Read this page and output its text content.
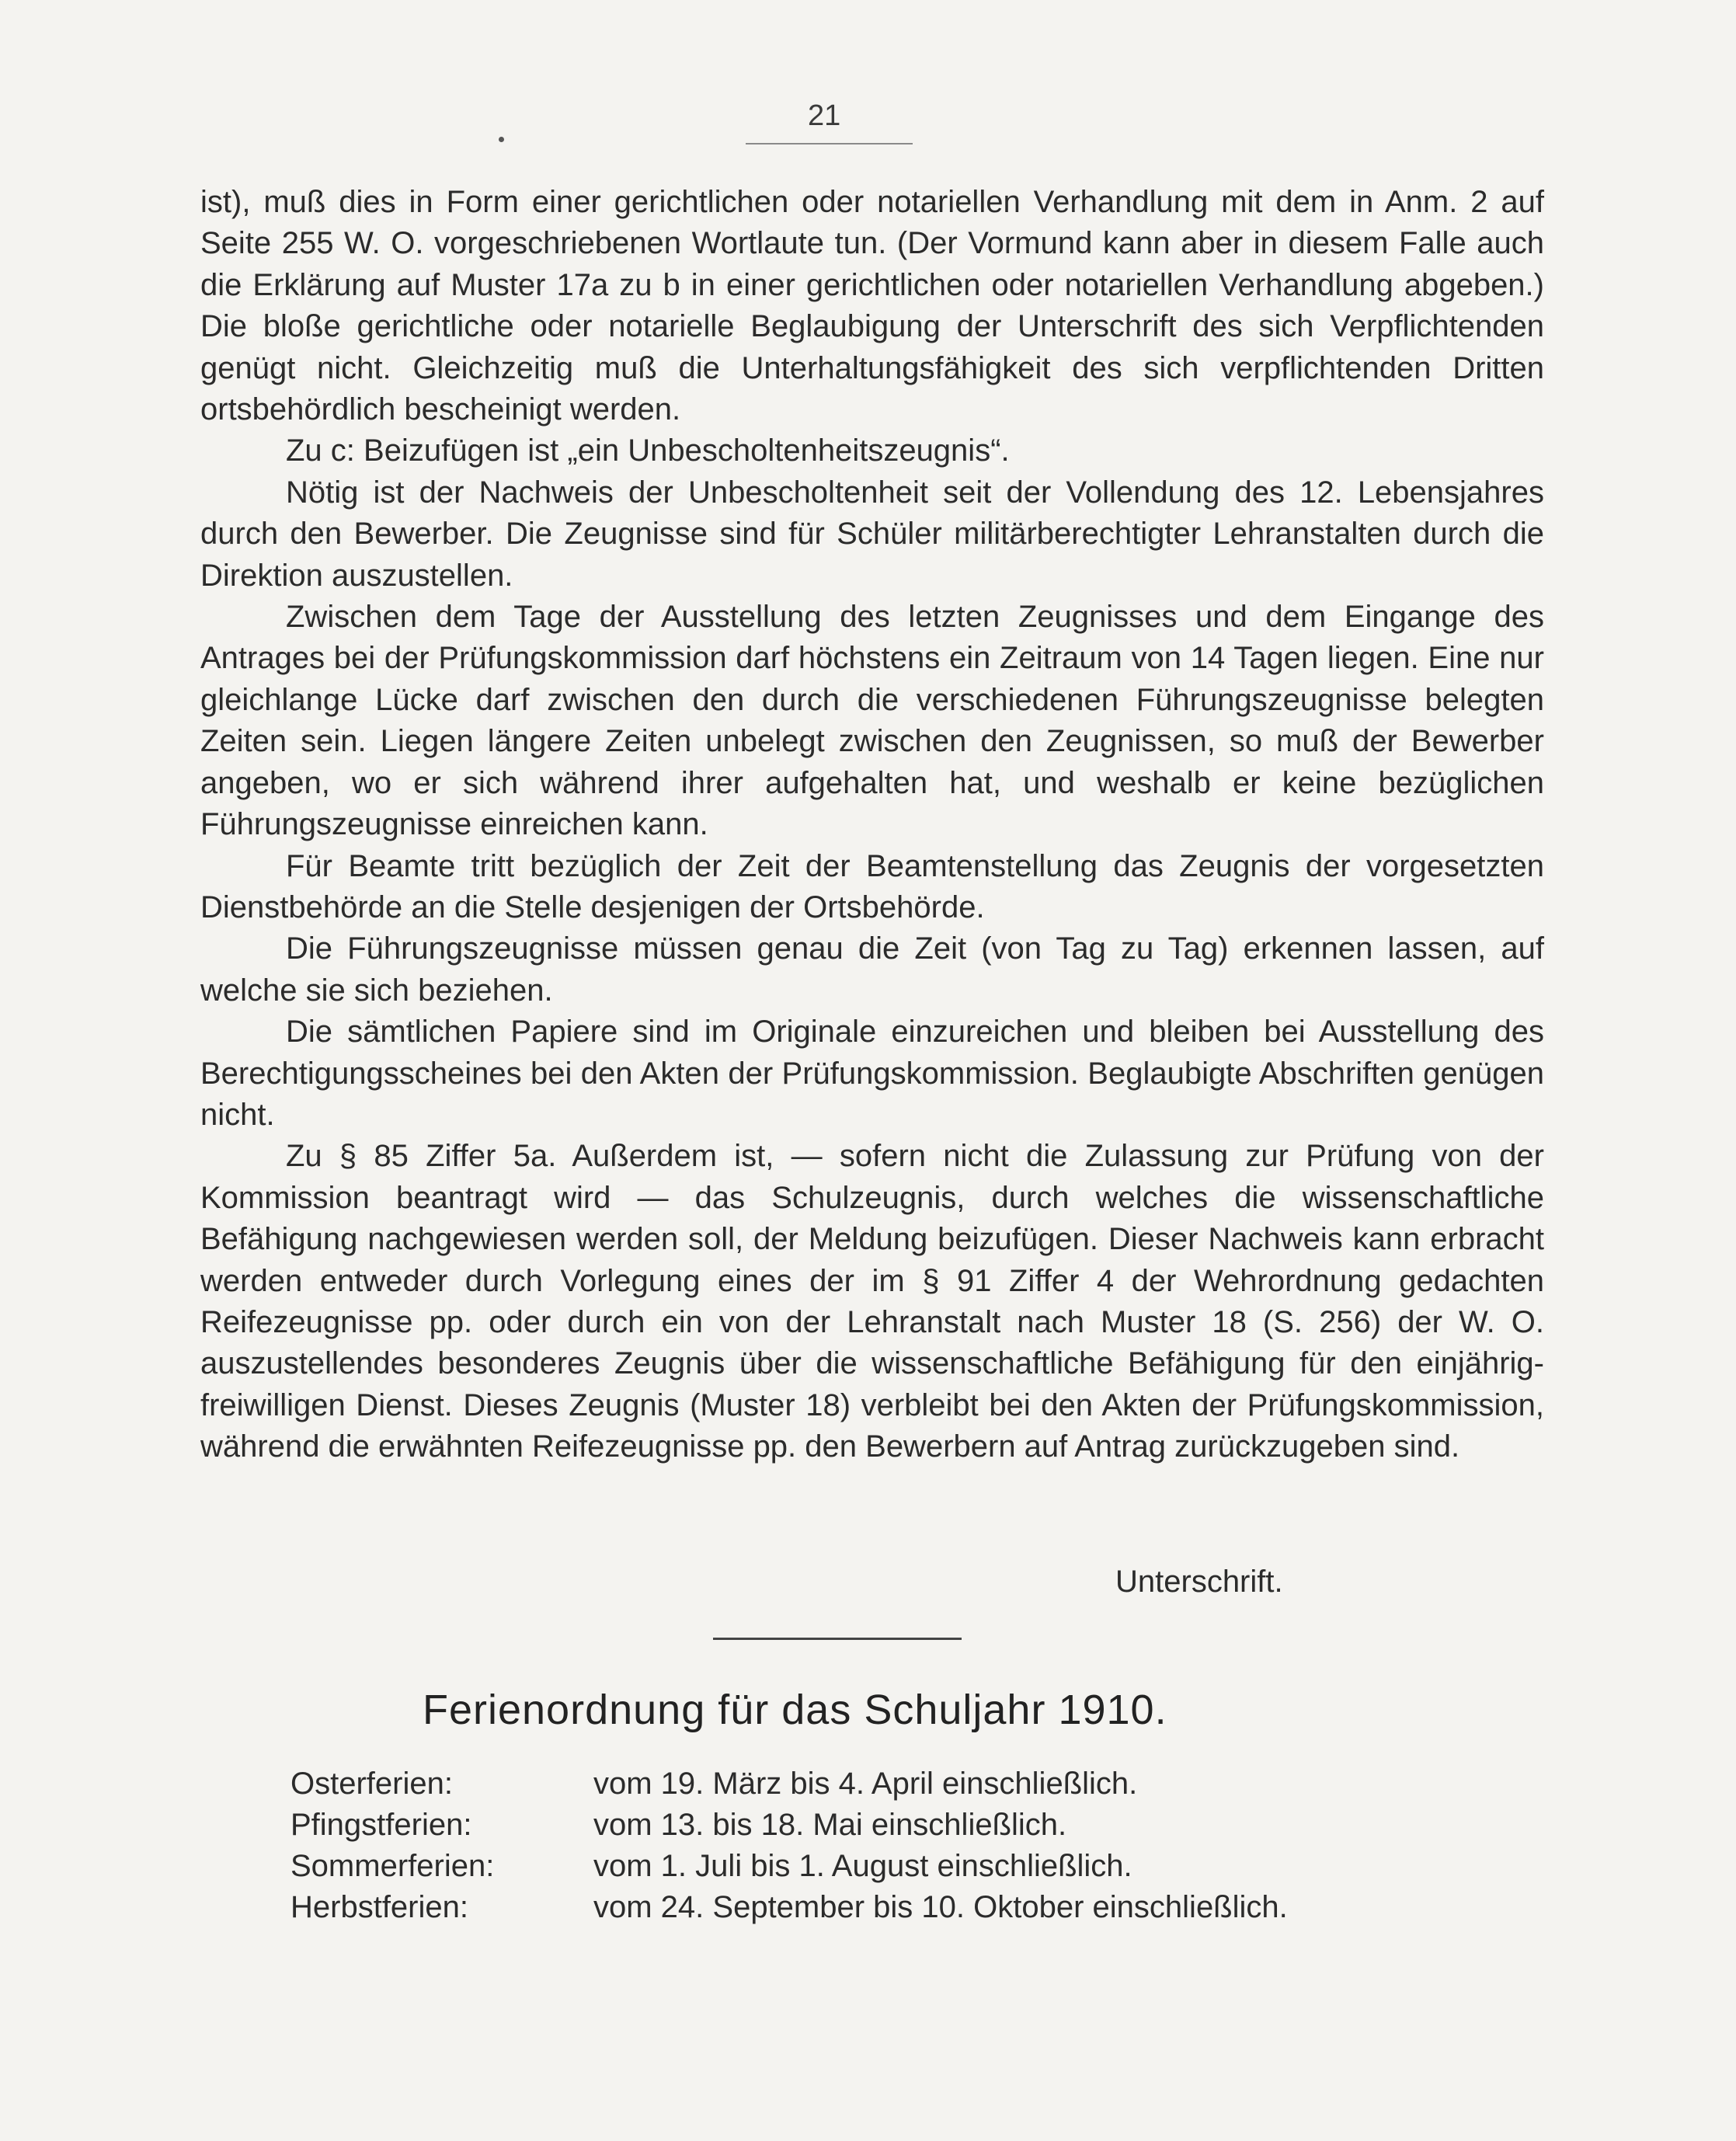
21

ist), muß dies in Form einer gerichtlichen oder notariellen Verhandlung mit dem in Anm. 2 auf Seite 255 W. O. vorgeschriebenen Wortlaute tun. (Der Vormund kann aber in diesem Falle auch die Erklärung auf Muster 17a zu b in einer gerichtlichen oder notariellen Verhandlung abgeben.) Die bloße gerichtliche oder notarielle Beglaubigung der Unterschrift des sich Verpflichtenden genügt nicht. Gleichzeitig muß die Unterhaltungsfähigkeit des sich verpflichtenden Dritten ortsbehördlich bescheinigt werden.

Zu c: Beizufügen ist „ein Unbescholtenheitszeugnis“.

Nötig ist der Nachweis der Unbescholtenheit seit der Vollendung des 12. Lebensjahres durch den Bewerber. Die Zeugnisse sind für Schüler militärberechtigter Lehranstalten durch die Direktion auszustellen.

Zwischen dem Tage der Ausstellung des letzten Zeugnisses und dem Eingange des Antrages bei der Prüfungskommission darf höchstens ein Zeitraum von 14 Tagen liegen. Eine nur gleichlange Lücke darf zwischen den durch die verschiedenen Führungszeugnisse belegten Zeiten sein. Liegen längere Zeiten unbelegt zwischen den Zeugnissen, so muß der Bewerber angeben, wo er sich während ihrer aufgehalten hat, und weshalb er keine bezüglichen Führungszeugnisse einreichen kann.

Für Beamte tritt bezüglich der Zeit der Beamtenstellung das Zeugnis der vorgesetzten Dienstbehörde an die Stelle desjenigen der Ortsbehörde.

Die Führungszeugnisse müssen genau die Zeit (von Tag zu Tag) erkennen lassen, auf welche sie sich beziehen.

Die sämtlichen Papiere sind im Originale einzureichen und bleiben bei Ausstellung des Berechtigungsscheines bei den Akten der Prüfungskommission. Beglaubigte Abschriften genügen nicht.

Zu § 85 Ziffer 5a. Außerdem ist, — sofern nicht die Zulassung zur Prüfung von der Kommission beantragt wird — das Schulzeugnis, durch welches die wissenschaftliche Befähigung nachgewiesen werden soll, der Meldung beizufügen. Dieser Nachweis kann erbracht werden entweder durch Vorlegung eines der im § 91 Ziffer 4 der Wehrordnung gedachten Reifezeugnisse pp. oder durch ein von der Lehranstalt nach Muster 18 (S. 256) der W. O. auszustellendes besonderes Zeugnis über die wissenschaftliche Befähigung für den einjährig-freiwilligen Dienst. Dieses Zeugnis (Muster 18) verbleibt bei den Akten der Prüfungskommission, während die erwähnten Reifezeugnisse pp. den Bewerbern auf Antrag zurückzugeben sind.

Unterschrift.
Ferienordnung für das Schuljahr 1910.
Osterferien:	vom 19. März bis 4. April einschließlich.
Pfingstferien:	vom 13. bis 18. Mai einschließlich.
Sommerferien:	vom 1. Juli bis 1. August einschließlich.
Herbstferien:	vom 24. September bis 10. Oktober einschließlich.
